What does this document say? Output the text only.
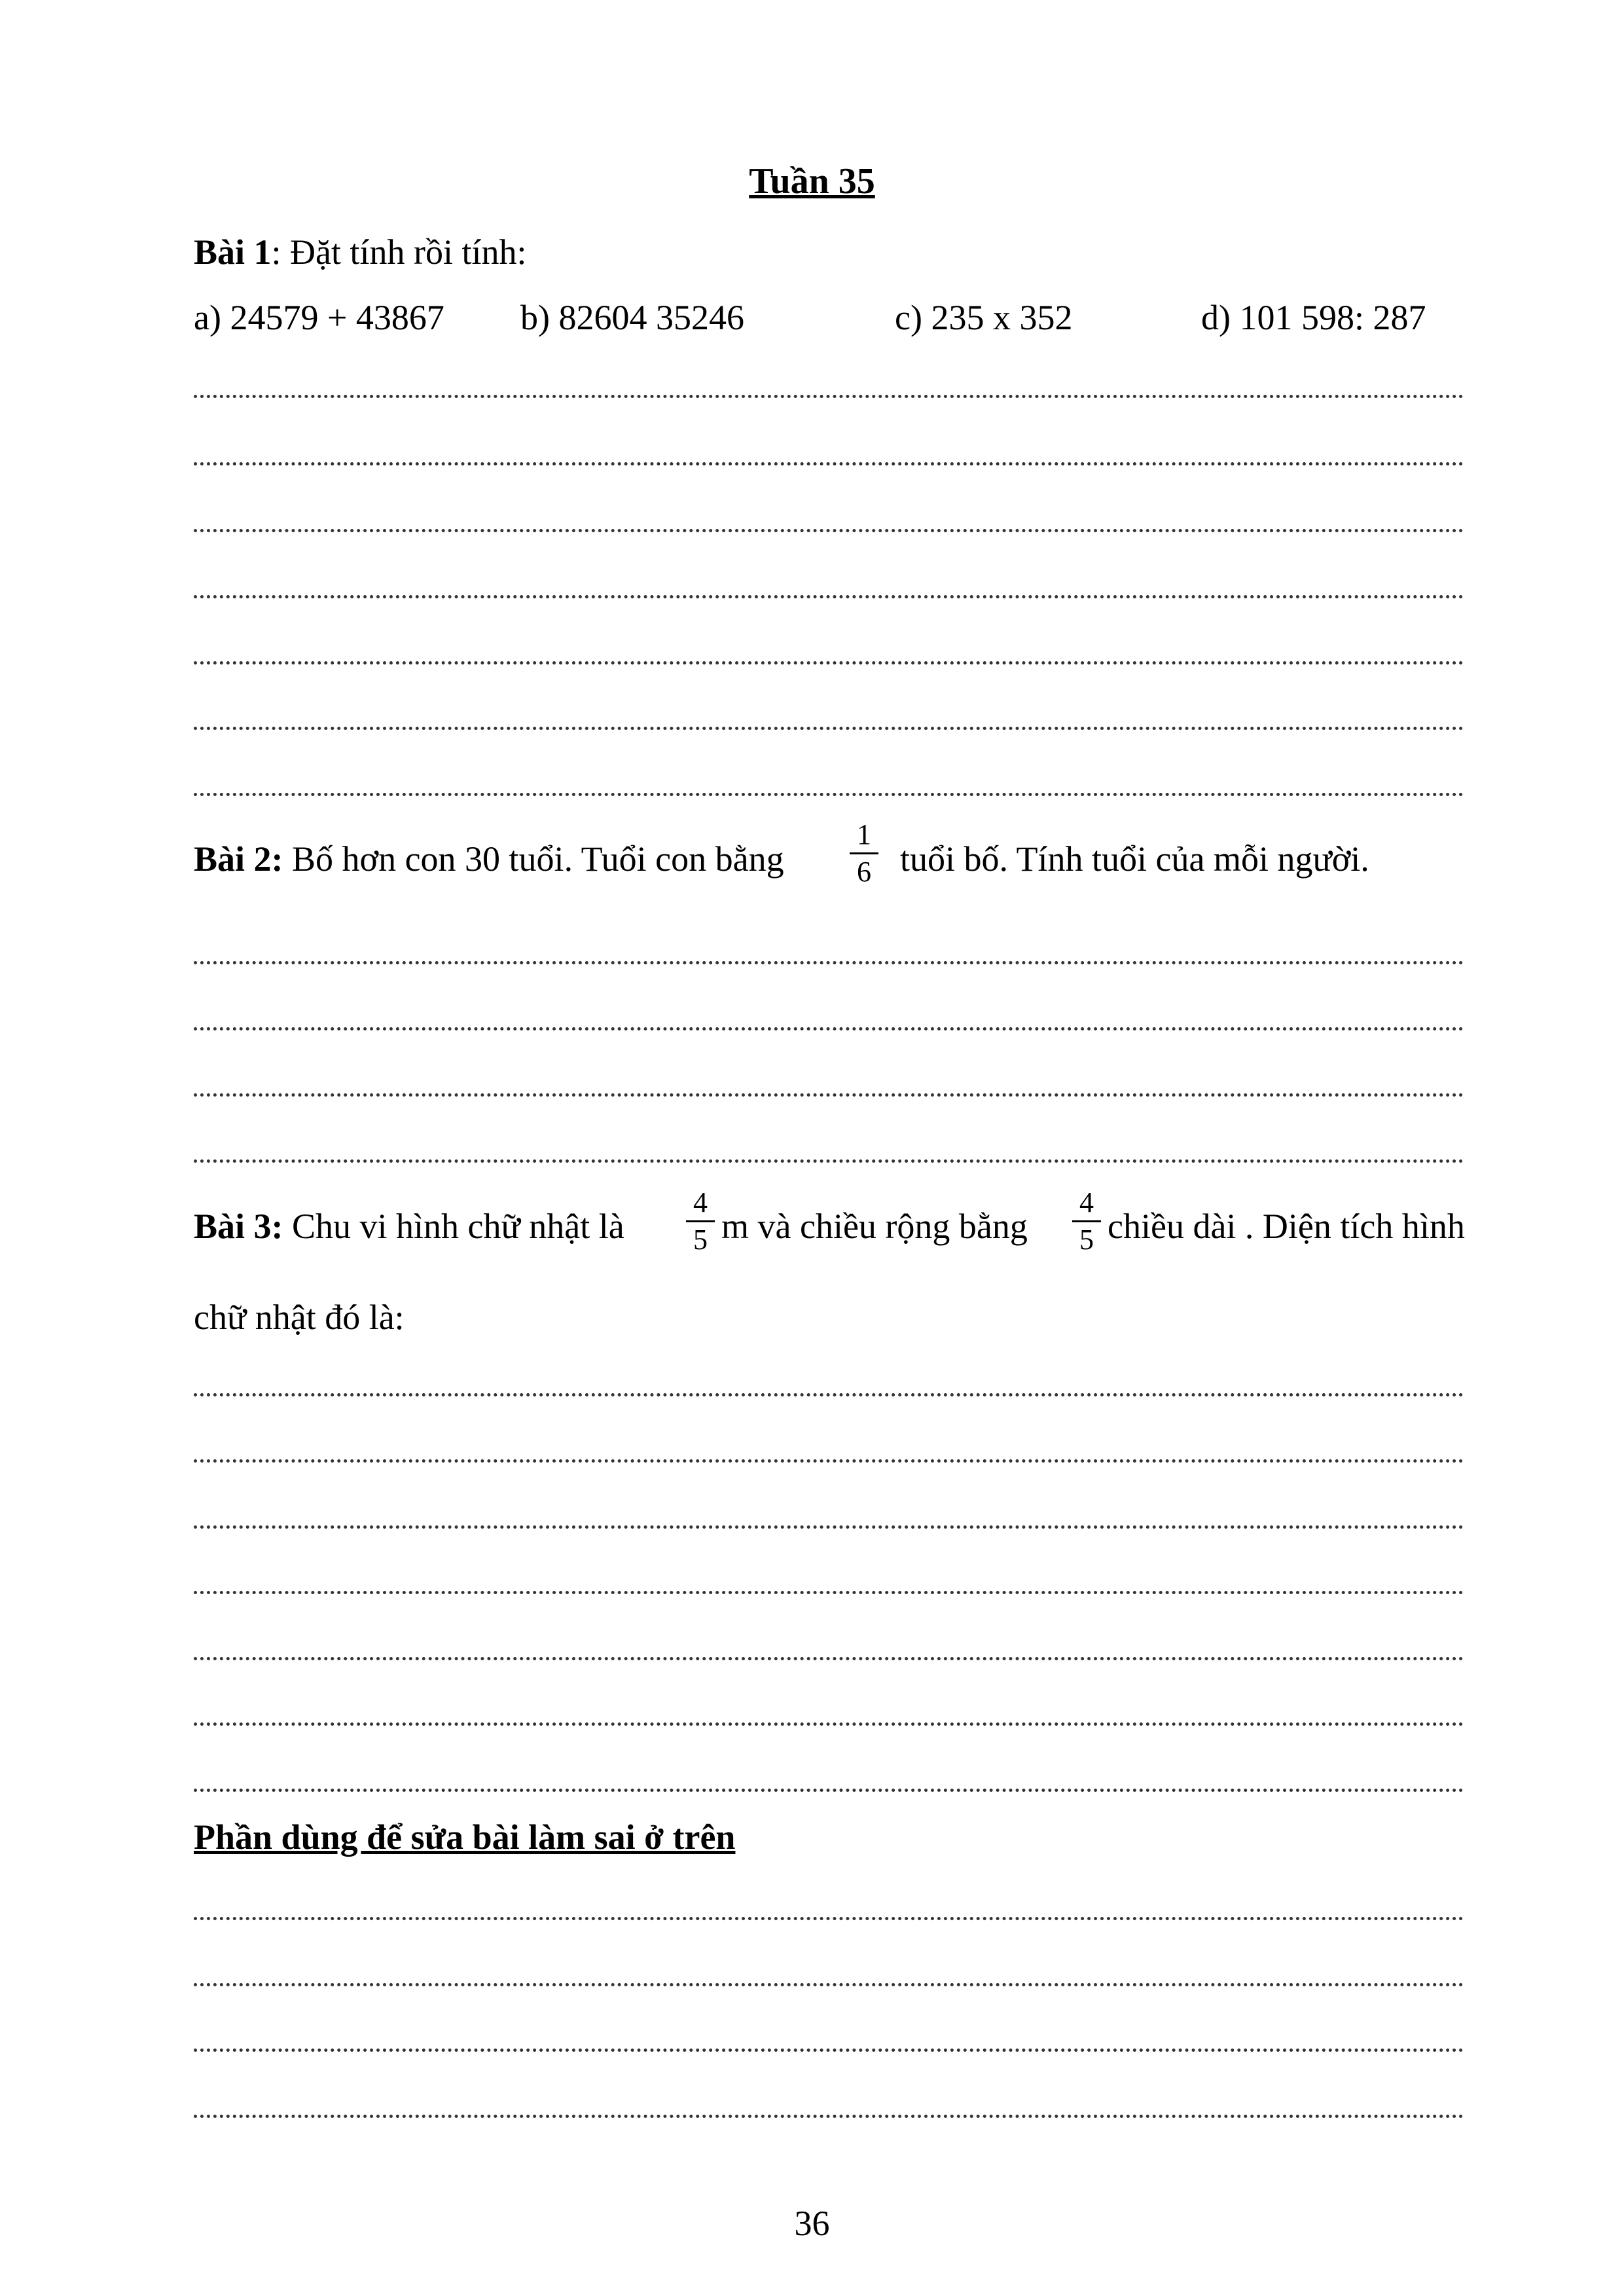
Tuần 35
Bài 1: Đặt tính rồi tính:
a) 24579 + 43867 b) 82604 35246	c) 235 x 352	d) 101 598: 287
Bài 2: Bố hơn con 30 tuổi. Tuổi con bằng
1
6 tuổi bố. Tính tuổi của mỗi người.
Bài 3: Chu vi hình chữ nhật là
4
5 m và chiều rộng bằng
4
5 chiều dài . Diện tích hình
chữ nhật đó là:
Phần dùng để sửa bài làm sai ở trên
36
